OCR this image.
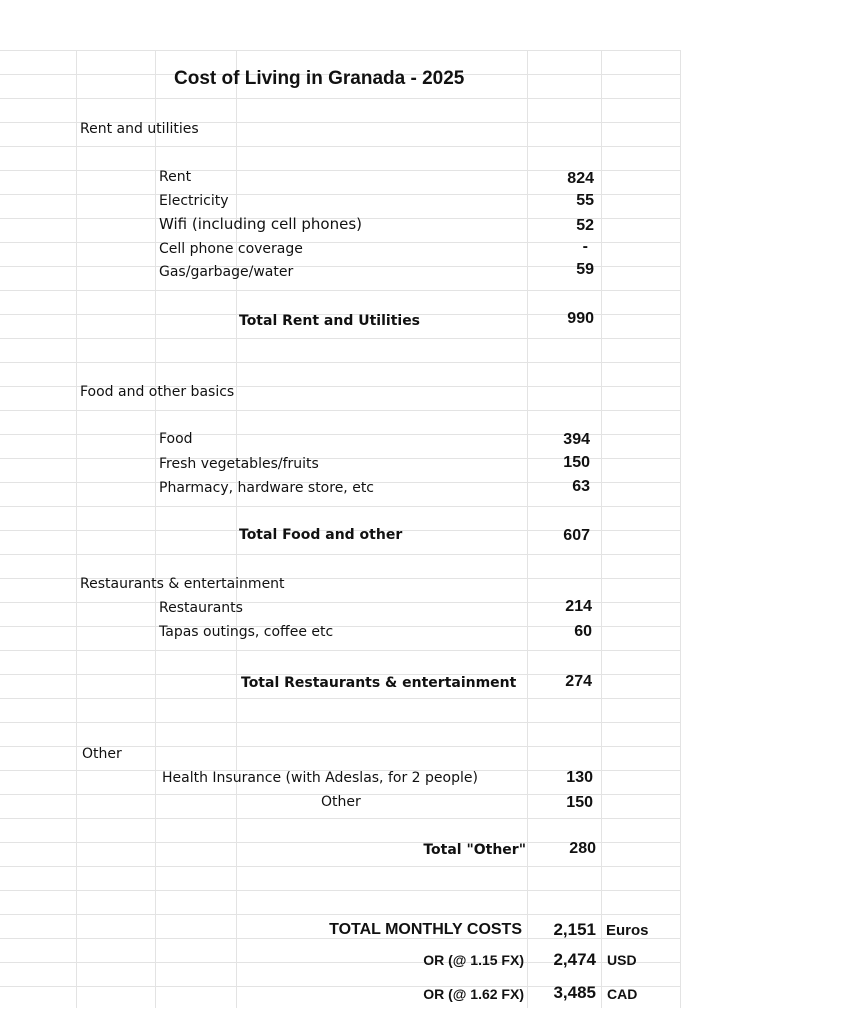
Cost of Living in Granada - 2025
Rent and utilities
Rent	824
Electricity	55
Wifi (including cell phones)	52
Cell phone coverage	-
Gas/garbage/water	59
Total Rent and Utilities	990
Food and other basics
Food	394
Fresh vegetables/fruits	150
Pharmacy, hardware store, etc	63
Total Food and other	607
Restaurants & entertainment
Restaurants	214
Tapas outings, coffee etc	60
Total Restaurants & entertainment	274
Other
Health Insurance (with Adeslas, for 2 people)	130
Other	150
Total "Other"	280
TOTAL MONTHLY COSTS	2,151 Euros
OR (@ 1.15 FX)	2,474 USD
OR (@ 1.62 FX)	3,485 CAD
